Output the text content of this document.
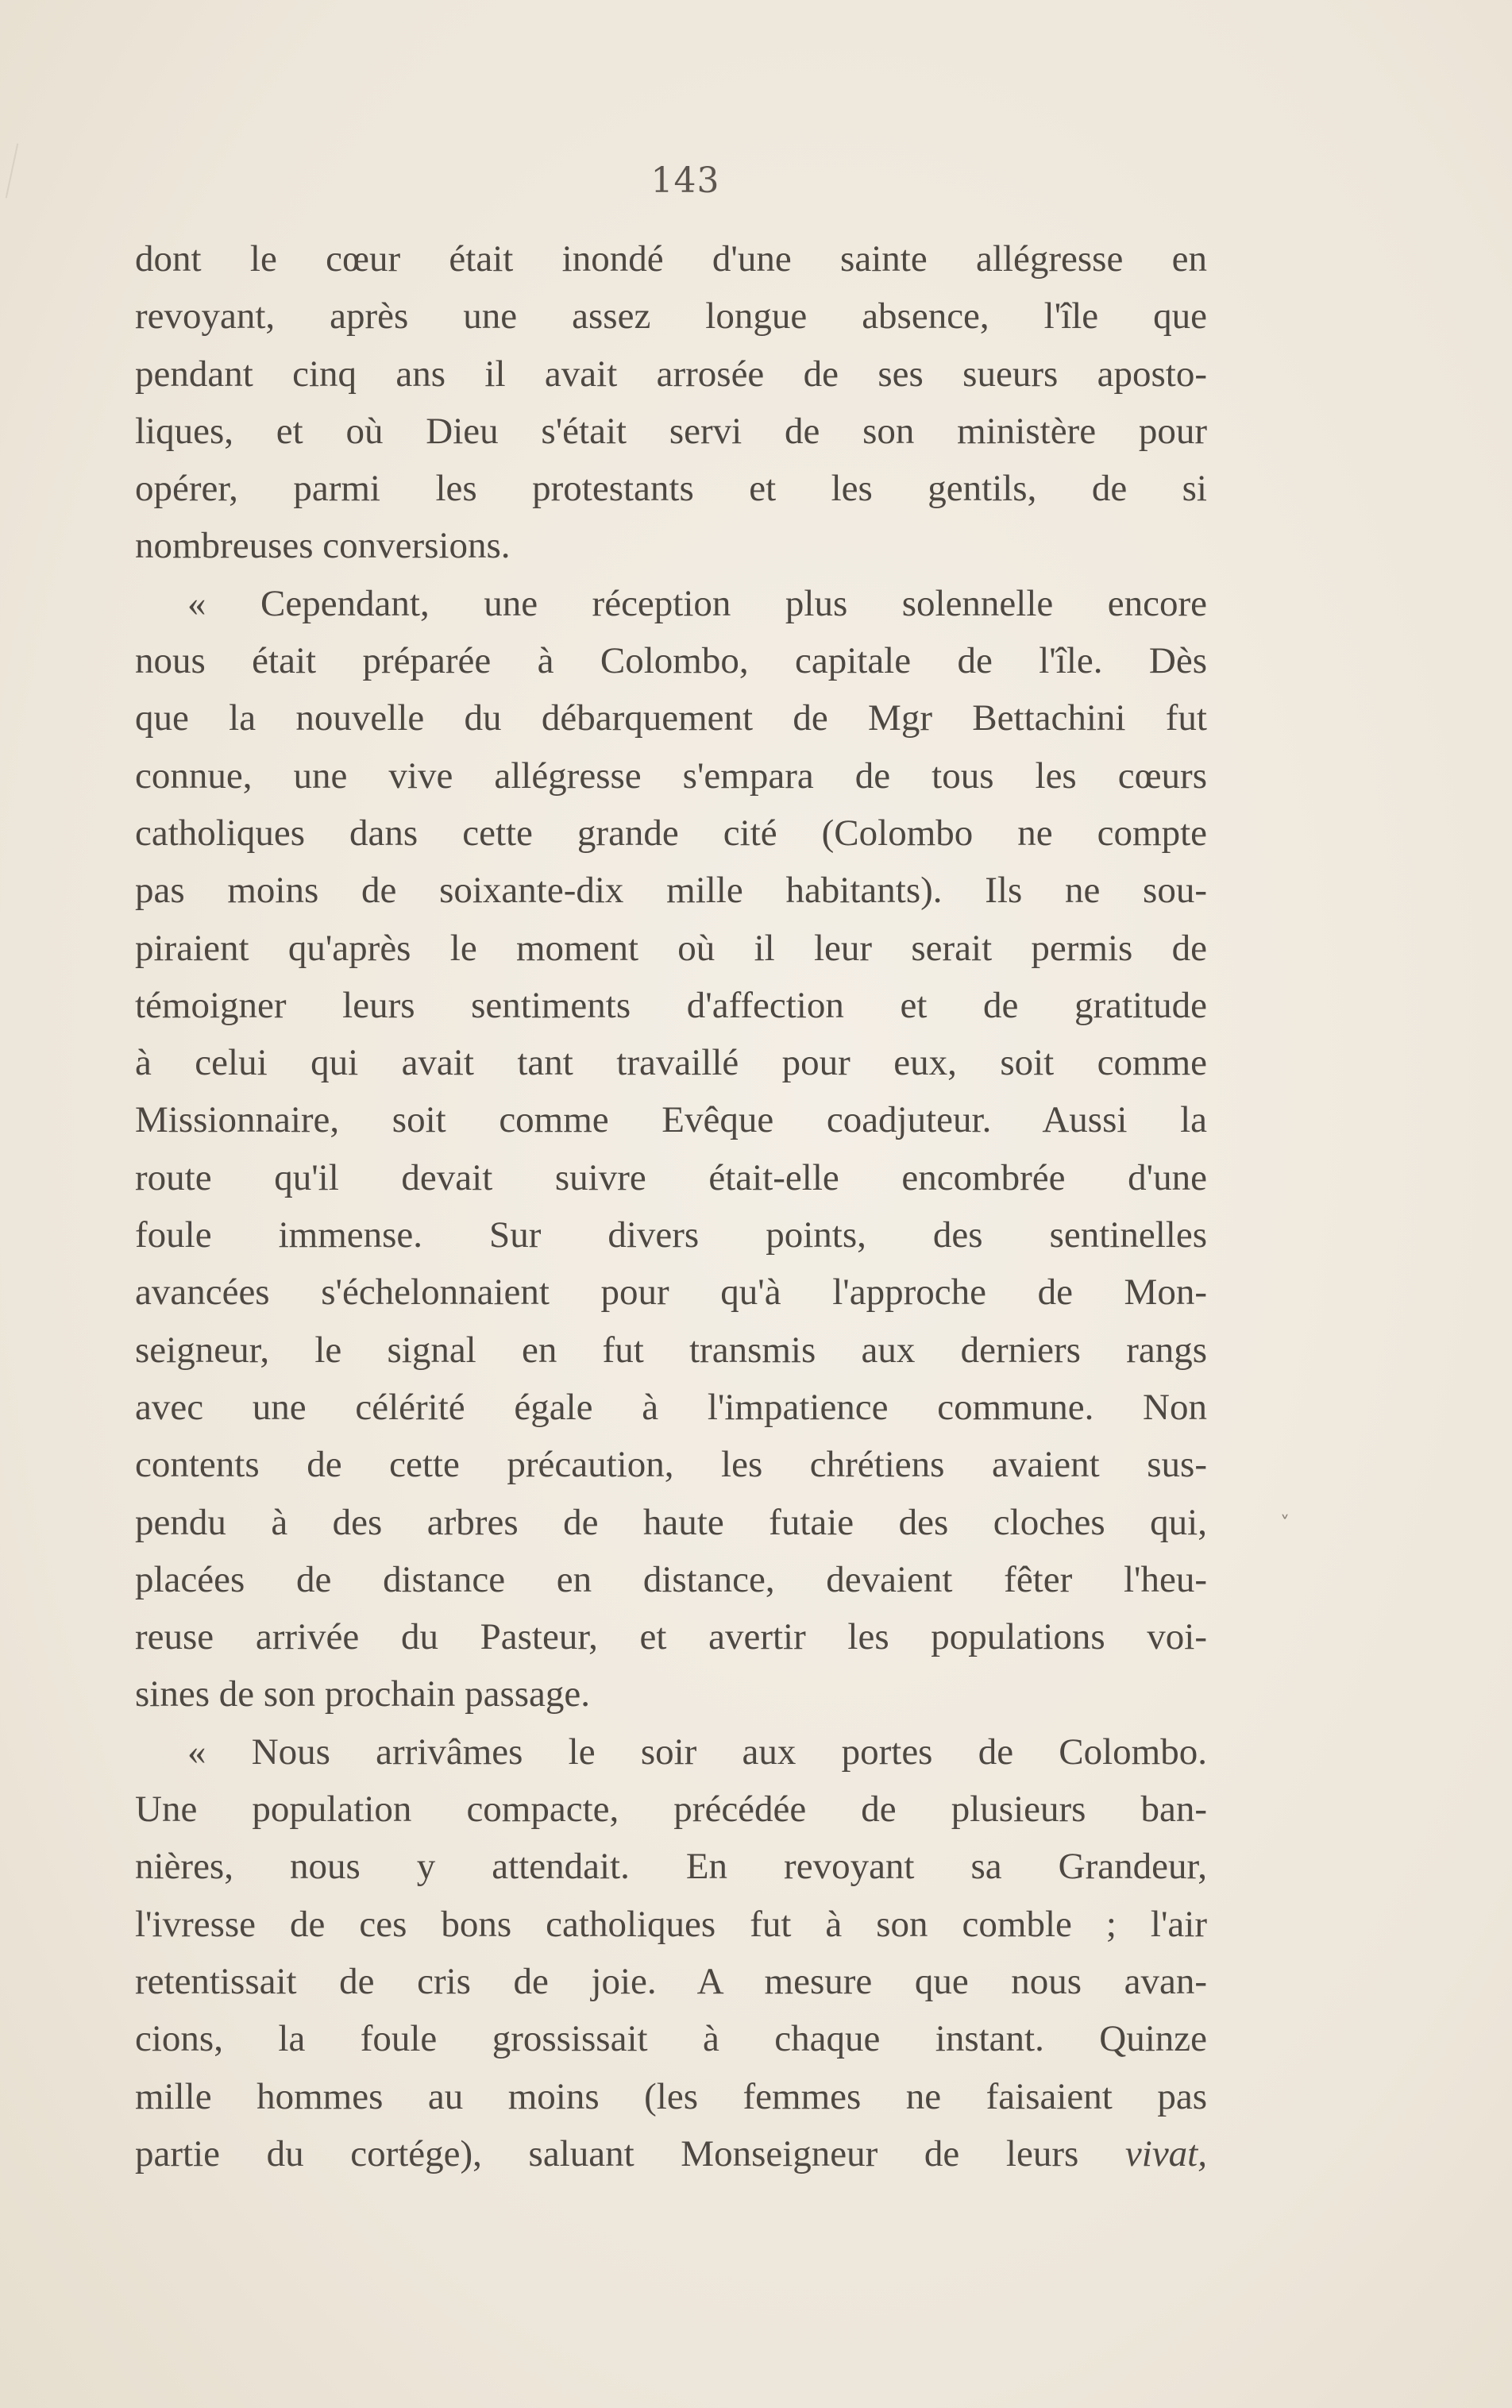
143
dont le cœur était inondé d'une sainte allégresse en
revoyant, après une assez longue absence, l'île que
pendant cinq ans il avait arrosée de ses sueurs aposto-
liques, et où Dieu s'était servi de son ministère pour
opérer, parmi les protestants et les gentils, de si
nombreuses conversions.
« Cependant, une réception plus solennelle encore
nous était préparée à Colombo, capitale de l'île. Dès
que la nouvelle du débarquement de Mgr Bettachini fut
connue, une vive allégresse s'empara de tous les cœurs
catholiques dans cette grande cité (Colombo ne compte
pas moins de soixante-dix mille habitants). Ils ne sou-
piraient qu'après le moment où il leur serait permis de
témoigner leurs sentiments d'affection et de gratitude
à celui qui avait tant travaillé pour eux, soit comme
Missionnaire, soit comme Evêque coadjuteur. Aussi la
route qu'il devait suivre était-elle encombrée d'une
foule immense. Sur divers points, des sentinelles
avancées s'échelonnaient pour qu'à l'approche de Mon-
seigneur, le signal en fut transmis aux derniers rangs
avec une célérité égale à l'impatience commune. Non
contents de cette précaution, les chrétiens avaient sus-
pendu à des arbres de haute futaie des cloches qui,
placées de distance en distance, devaient fêter l'heu-
reuse arrivée du Pasteur, et avertir les populations voi-
sines de son prochain passage.
« Nous arrivâmes le soir aux portes de Colombo.
Une population compacte, précédée de plusieurs ban-
nières, nous y attendait. En revoyant sa Grandeur,
l'ivresse de ces bons catholiques fut à son comble ; l'air
retentissait de cris de joie. A mesure que nous avan-
cions, la foule grossissait à chaque instant. Quinze
mille hommes au moins (les femmes ne faisaient pas
partie du cortége), saluant Monseigneur de leurs vivat,
˅
